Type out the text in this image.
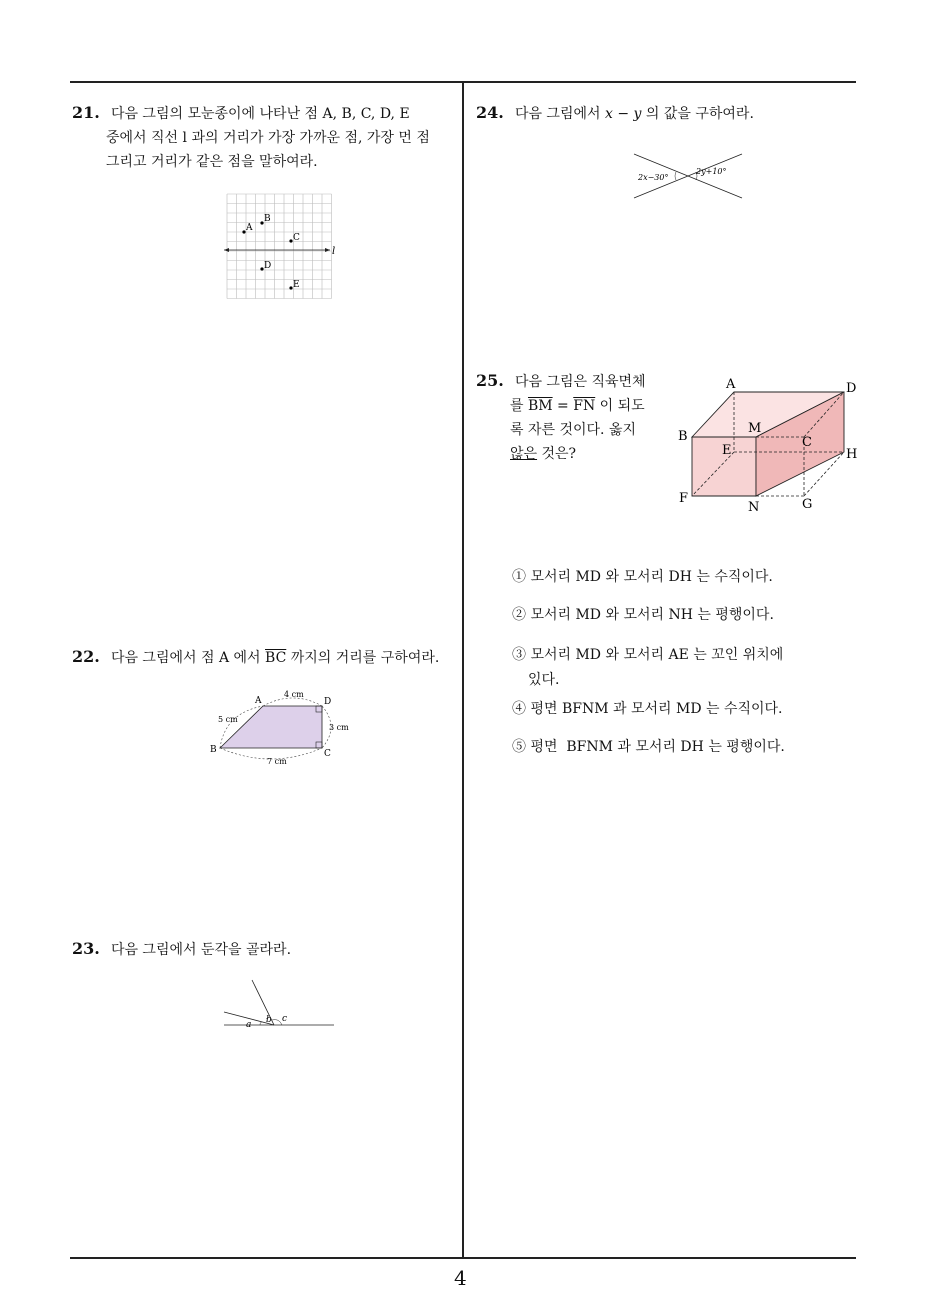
4
21. 다음 그림의 모눈종이에 나타난 점 A, B, C, D, E
중에서 직선 l 과의 거리가 가장 가까운 점, 가장 먼 점
그리고 거리가 같은 점을 말하여라.
l
A
B
C
D
E
22. 다음 그림에서 점 A 에서 $\overline{BC}$ 까지의 거리를 구하여라.
A	D
B	C
4 cm
5 cm
3 cm
7 cm
23. 다음 그림에서 둔각을 골라라.
a b c
24. 다음 그림에서 x − y 의 값을 구하여라.
2x−30°
2y+10°
25. 다음 그림은 직육면체
를 $\overline{BM} = \overline{FN}$ 이 되도
록 자른 것이다. 옳지
않은 것은?
A	D
B
M
C
E	H
F
N	G
① 모서리 MD 와 모서리 DH 는 수직이다.
② 모서리 MD 와 모서리 NH 는 평행이다.
③ 모서리 MD 와 모서리 AE 는 꼬인 위치에
있다.
④ 평면 BFNM 과 모서리 MD 는 수직이다.
⑤ 평면  BFNM 과 모서리 DH 는 평행이다.
